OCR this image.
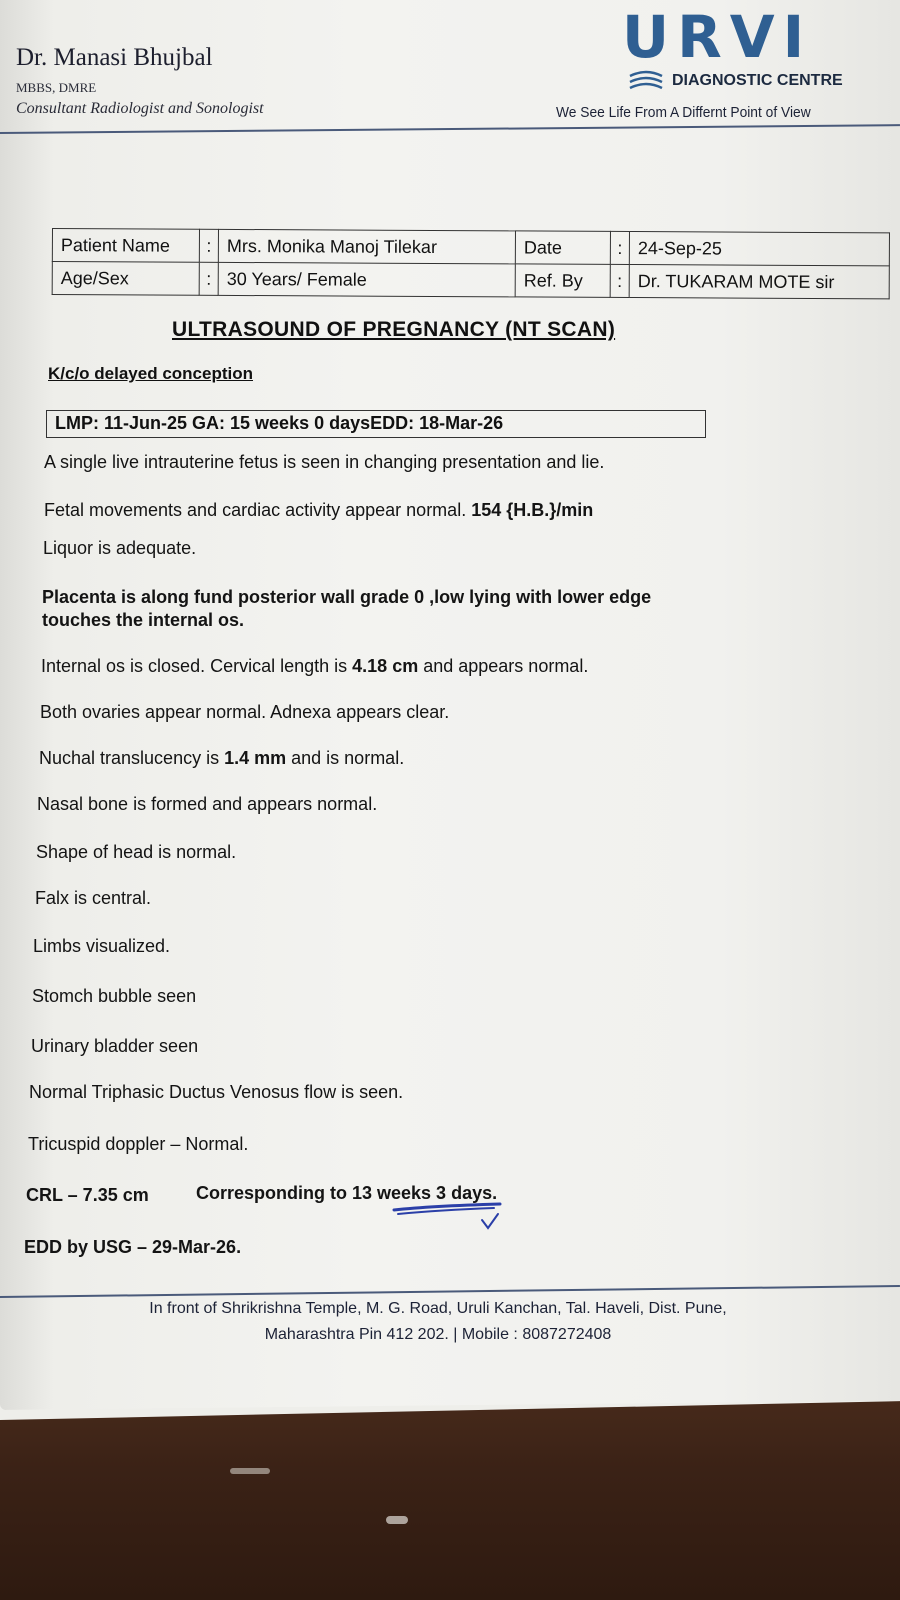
Dr. Manasi Bhujbal
MBBS, DMRE
Consultant Radiologist and Sonologist
URVI
DIAGNOSTIC CENTRE
We See Life From A Differnt Point of View
Patient Name	:	Mrs. Monika Manoj Tilekar	Date	:	24-Sep-25
Age/Sex	:	30 Years/ Female	Ref. By	:	Dr. TUKARAM MOTE sir
ULTRASOUND OF PREGNANCY (NT SCAN)
K/c/o delayed conception
LMP: 11-Jun-25 GA: 15 weeks 0 daysEDD: 18-Mar-26
A single live intrauterine fetus is seen in changing presentation and lie.
Fetal movements and cardiac activity appear normal. 154 {H.B.}/min
Liquor is adequate.
Placenta is along fund posterior wall grade 0 ,low lying with lower edge
touches the internal os.
Internal os is closed. Cervical length is 4.18 cm and appears normal.
Both ovaries appear normal. Adnexa appears clear.
Nuchal translucency is 1.4 mm and is normal.
Nasal bone is formed and appears normal.
Shape of head is normal.
Falx is central.
Limbs visualized.
Stomch bubble seen
Urinary bladder seen
Normal Triphasic Ductus Venosus flow is seen.
Tricuspid doppler – Normal.
CRL – 7.35 cm	Corresponding to 13 weeks 3 days.
EDD by USG – 29-Mar-26.
In front of Shrikrishna Temple, M. G. Road, Uruli Kanchan, Tal. Haveli, Dist. Pune,
Maharashtra Pin 412 202. | Mobile : 8087272408
